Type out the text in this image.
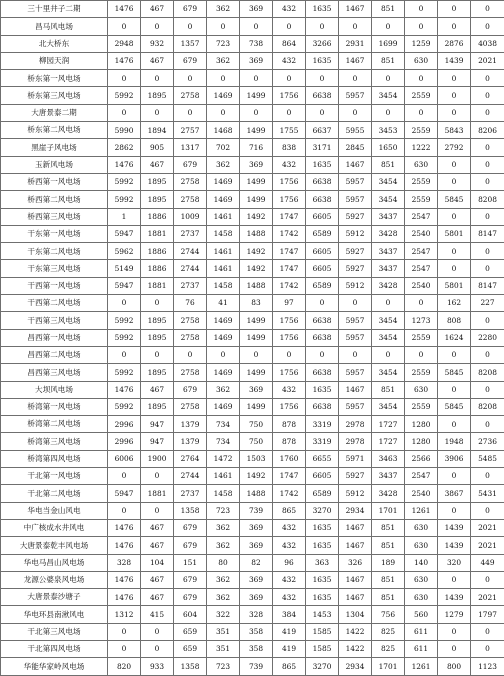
三十里井子二期	1476	467	679	362	369	432	1635	1467	851	0	0	0
昌马风电场	0	0	0	0	0	0	0	0	0	0	0	0
北大桥东	2948	932	1357	723	738	864	3266	2931	1699	1259	2876	4038
柳园天润	1476	467	679	362	369	432	1635	1467	851	630	1439	2021
桥东第一风电场	0	0	0	0	0	0	0	0	0	0	0	0
桥东第三风电场	5992	1895	2758	1469	1499	1756	6638	5957	3454	2559	0	0
大唐景泰二期	0	0	0	0	0	0	0	0	0	0	0	0
桥东第二风电场	5990	1894	2757	1468	1499	1755	6637	5955	3453	2559	5843	8206
黑崖子风电场	2862	905	1317	702	716	838	3171	2845	1650	1222	2792	0
玉新风电场	1476	467	679	362	369	432	1635	1467	851	630	0	0
桥西第一风电场	5992	1895	2758	1469	1499	1756	6638	5957	3454	2559	0	0
桥西第二风电场	5992	1895	2758	1469	1499	1756	6638	5957	3454	2559	5845	8208
桥西第三风电场	1	1886	1009	1461	1492	1747	6605	5927	3437	2547	0	0
干东第一风电场	5947	1881	2737	1458	1488	1742	6589	5912	3428	2540	5801	8147
干东第二风电场	5962	1886	2744	1461	1492	1747	6605	5927	3437	2547	0	0
干东第三风电场	5149	1886	2744	1461	1492	1747	6605	5927	3437	2547	0	0
干西第一风电场	5947	1881	2737	1458	1488	1742	6589	5912	3428	2540	5801	8147
干西第二风电场	0	0	76	41	83	97	0	0	0	0	162	227
干西第三风电场	5992	1895	2758	1469	1499	1756	6638	5957	3454	1273	808	0
昌西第一风电场	5992	1895	2758	1469	1499	1756	6638	5957	3454	2559	1624	2280
昌西第二风电场	0	0	0	0	0	0	0	0	0	0	0	0
昌西第三风电场	5992	1895	2758	1469	1499	1756	6638	5957	3454	2559	5845	8208
大坝风电场	1476	467	679	362	369	432	1635	1467	851	630	0	0
桥湾第一风电场	5992	1895	2758	1469	1499	1756	6638	5957	3454	2559	5845	8208
桥湾第二风电场	2996	947	1379	734	750	878	3319	2978	1727	1280	0	0
桥湾第三风电场	2996	947	1379	734	750	878	3319	2978	1727	1280	1948	2736
桥湾第四风电场	6006	1900	2764	1472	1503	1760	6655	5971	3463	2566	3906	5485
干北第一风电场	0	0	2744	1461	1492	1747	6605	5927	3437	2547	0	0
干北第二风电场	5947	1881	2737	1458	1488	1742	6589	5912	3428	2540	3867	5431
华电当金山风电	0	0	1358	723	739	865	3270	2934	1701	1261	0	0
中广核成水井风电	1476	467	679	362	369	432	1635	1467	851	630	1439	2021
大唐景泰乾丰风电场	1476	467	679	362	369	432	1635	1467	851	630	1439	2021
华电马昌山风电场	328	104	151	80	82	96	363	326	189	140	320	449
龙源公婆泉风电场	1476	467	679	362	369	432	1635	1467	851	630	0	0
大唐景泰沙塘子	1476	467	679	362	369	432	1635	1467	851	630	1439	2021
华电环县南湫风电	1312	415	604	322	328	384	1453	1304	756	560	1279	1797
干北第三风电场	0	0	659	351	358	419	1585	1422	825	611	0	0
干北第四风电场	0	0	659	351	358	419	1585	1422	825	611	0	0
华能华家岭风电场	820	933	1358	723	739	865	3270	2934	1701	1261	800	1123
